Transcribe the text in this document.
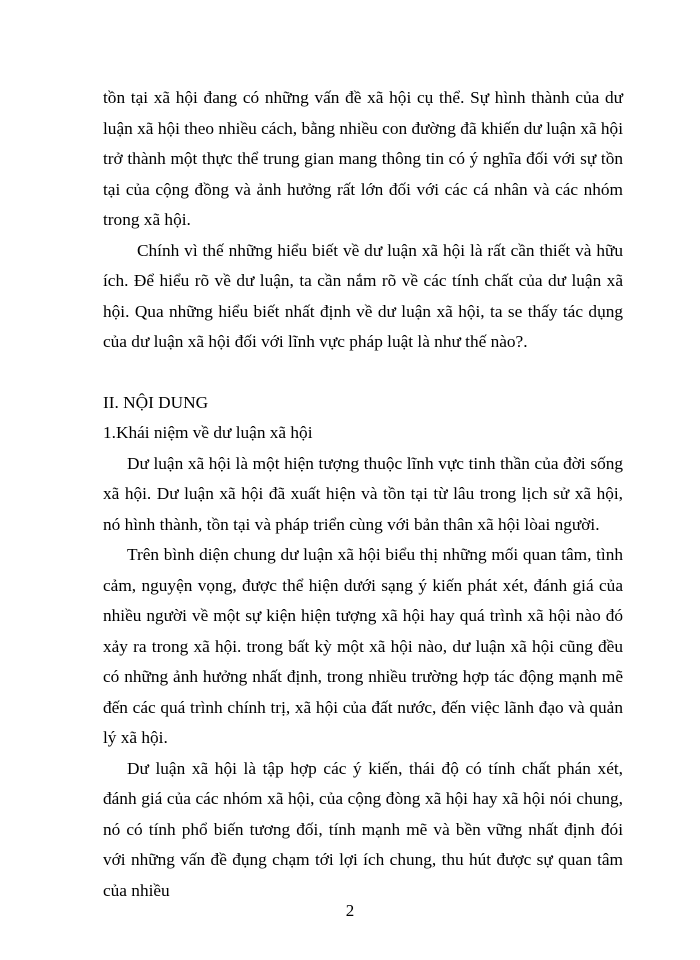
tồn tại xã hội đang có những vấn đề xã hội cụ thể. Sự hình thành của dư luận xã hội theo nhiều cách, bằng nhiều con đường đã khiến dư luận xã hội trở thành một thực thể trung gian mang thông tin có ý nghĩa đối với sự tồn tại của cộng đồng và ảnh hưởng rất lớn đối với các cá nhân và các nhóm trong xã hội.

Chính vì thế những hiểu biết về dư luận xã hội là rất cần thiết và hữu ích. Để hiểu rõ về dư luận, ta cần nắm rõ về các tính chất của dư luận xã hội. Qua những hiểu biết nhất định về dư luận xã hội, ta se thấy tác dụng của dư luận xã hội đối với lĩnh vực pháp luật là như thế nào?.

II. NỘI DUNG

1.Khái niệm về dư luận xã hội

Dư luận xã hội là một hiện tượng thuộc lĩnh vực tinh thần của đời sống xã hội. Dư luận xã hội đã xuất hiện và tồn tại từ lâu trong lịch sử xã hội, nó hình thành, tồn tại và pháp triển cùng với bản thân xã hội lòai người.

Trên bình diện chung dư luận xã hội biểu thị những mối quan tâm, tình cảm, nguyện vọng, được thể hiện dưới sạng ý kiến phát xét, đánh giá của nhiều người về một sự kiện hiện tượng xã hội hay quá trình xã hội nào đó xảy ra trong xã hội. trong bất kỳ một xã hội nào, dư luận xã hội cũng đều có những ảnh hưởng nhất định, trong nhiều trường hợp tác động mạnh mẽ đến các quá trình chính trị, xã hội của đất nước, đến việc lãnh đạo và quản lý xã hội.

Dư luận xã hội là tập hợp các ý kiến, thái độ có tính chất phán xét, đánh giá của các nhóm xã hội, của cộng đòng xã hội hay xã hội nói chung, nó có tính phổ biến tương đối, tính mạnh mẽ và bền vững nhất định đói với những vấn đề đụng chạm tới lợi ích chung, thu hút được sự quan tâm của nhiều

2
